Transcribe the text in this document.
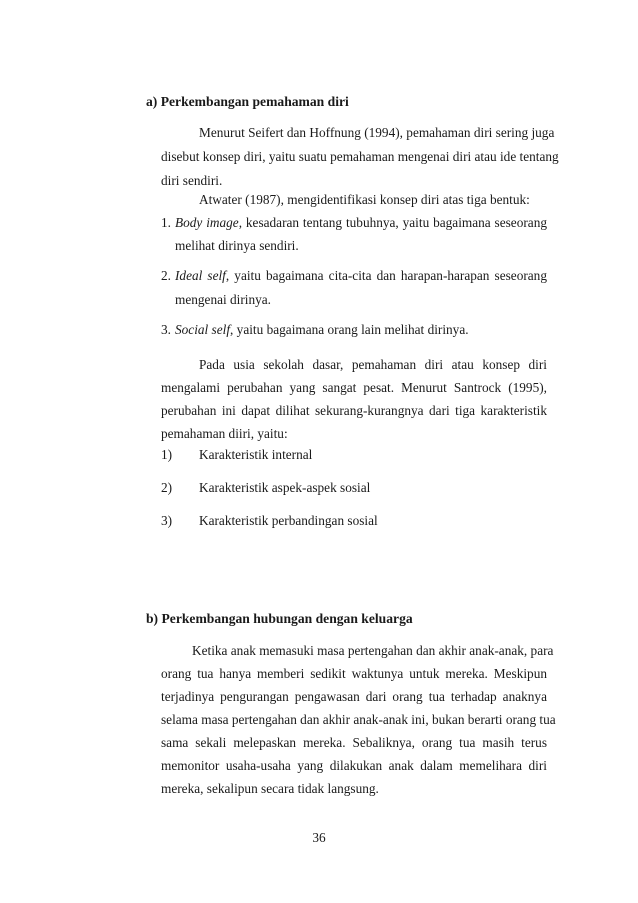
a) Perkembangan pemahaman diri
Menurut Seifert dan Hoffnung (1994), pemahaman diri sering juga
disebut konsep diri, yaitu suatu pemahaman mengenai diri atau ide tentang
diri sendiri.
Atwater (1987), mengidentifikasi konsep diri atas tiga bentuk:
1. Body image, kesadaran tentang tubuhnya, yaitu bagaimana seseorang
melihat dirinya sendiri.
2. Ideal self, yaitu bagaimana cita-cita dan harapan-harapan seseorang
mengenai dirinya.
3. Social self, yaitu bagaimana orang lain melihat dirinya.
Pada usia sekolah dasar, pemahaman diri atau konsep diri
mengalami perubahan yang sangat pesat. Menurut Santrock (1995),
perubahan ini dapat dilihat sekurang-kurangnya dari tiga karakteristik
pemahaman diiri, yaitu:
1) Karakteristik internal
2) Karakteristik aspek-aspek sosial
3) Karakteristik perbandingan sosial
b) Perkembangan hubungan dengan keluarga
Ketika anak memasuki masa pertengahan dan akhir anak-anak, para
orang tua hanya memberi sedikit waktunya untuk mereka. Meskipun
terjadinya pengurangan pengawasan dari orang tua terhadap anaknya
selama masa pertengahan dan akhir anak-anak ini, bukan berarti orang tua
sama sekali melepaskan mereka. Sebaliknya, orang tua masih terus
memonitor usaha-usaha yang dilakukan anak dalam memelihara diri
mereka, sekalipun secara tidak langsung.
36
